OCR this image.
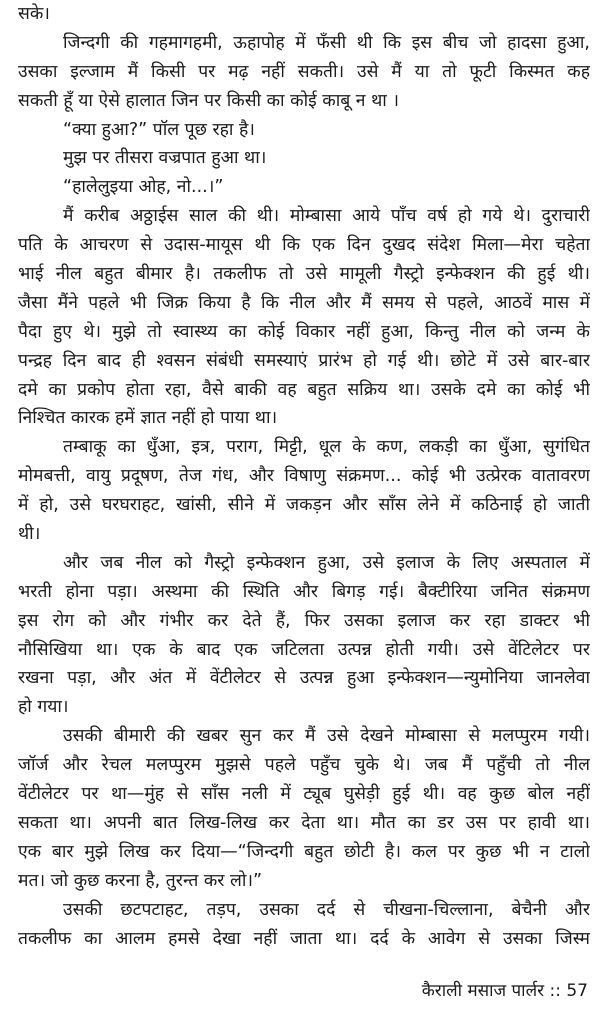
सके।
जिन्दगी की गहमागहमी, ऊहापोह में फँसी थी कि इस बीच जो हादसा हुआ,
उसका इल्जाम मैं किसी पर मढ़ नहीं सकती। उसे मैं या तो फूटी किस्मत कह
सकती हूँ या ऐसे हालात जिन पर किसी का कोई काबू न था ।
“क्या हुआ?” पॉल पूछ रहा है।
मुझ पर तीसरा वज्रपात हुआ था।
“हालेलुइया ओह, नो...।”
मैं करीब अठ्ठाईस साल की थी। मोम्बासा आये पाँच वर्ष हो गये थे। दुराचारी
पति के आचरण से उदास-मायूस थी कि एक दिन दुखद संदेश मिला—मेरा चहेता
भाई नील बहुत बीमार है। तकलीफ तो उसे मामूली गैस्ट्रो इन्फेक्शन की हुई थी।
जैसा मैंने पहले भी जिक्र किया है कि नील और मैं समय से पहले, आठवें मास में
पैदा हुए थे। मुझे तो स्वास्थ्य का कोई विकार नहीं हुआ, किन्तु नील को जन्म के
पन्द्रह दिन बाद ही श्वसन संबंधी समस्याएं प्रारंभ हो गई थी। छोटे में उसे बार-बार
दमे का प्रकोप होता रहा, वैसे बाकी वह बहुत सक्रिय था। उसके दमे का कोई भी
निश्चित कारक हमें ज्ञात नहीं हो पाया था।
तम्बाकू का धुँआ, इत्र, पराग, मिट्टी, धूल के कण, लकड़ी का धुँआ, सुगंधित
मोमबत्ती, वायु प्रदूषण, तेज गंध, और विषाणु संक्रमण... कोई भी उत्प्रेरक वातावरण
में हो, उसे घरघराहट, खांसी, सीने में जकड़न और साँस लेने में कठिनाई हो जाती
थी।
और जब नील को गैस्ट्रो इन्फेक्शन हुआ, उसे इलाज के लिए अस्पताल में
भरती होना पड़ा। अस्थमा की स्थिति और बिगड़ गई। बैक्टीरिया जनित संक्रमण
इस रोग को और गंभीर कर देते हैं, फिर उसका इलाज कर रहा डाक्टर भी
नौसिखिया था। एक के बाद एक जटिलता उत्पन्न होती गयी। उसे वेंटिलेटर पर
रखना पड़ा, और अंत में वेंटीलेटर से उत्पन्न हुआ इन्फेक्शन—न्युमोनिया जानलेवा
हो गया।
उसकी बीमारी की खबर सुन कर मैं उसे देखने मोम्बासा से मलप्पुरम गयी।
जॉर्ज और रेचल मलप्पुरम मुझसे पहले पहुँच चुके थे। जब मैं पहुँची तो नील
वेंटीलेटर पर था—मुंह से साँस नली में ट्यूब घुसेड़ी हुई थी। वह कुछ बोल नहीं
सकता था। अपनी बात लिख-लिख कर देता था। मौत का डर उस पर हावी था।
एक बार मुझे लिख कर दिया—“जिन्दगी बहुत छोटी है। कल पर कुछ भी न टालो
मत। जो कुछ करना है, तुरन्त कर लो।”
उसकी छटपटाहट, तड़प, उसका दर्द से चीखना-चिल्लाना, बेचैनी और
तकलीफ का आलम हमसे देखा नहीं जाता था। दर्द के आवेग से उसका जिस्म
कैराली मसाज पार्लर :: 57
